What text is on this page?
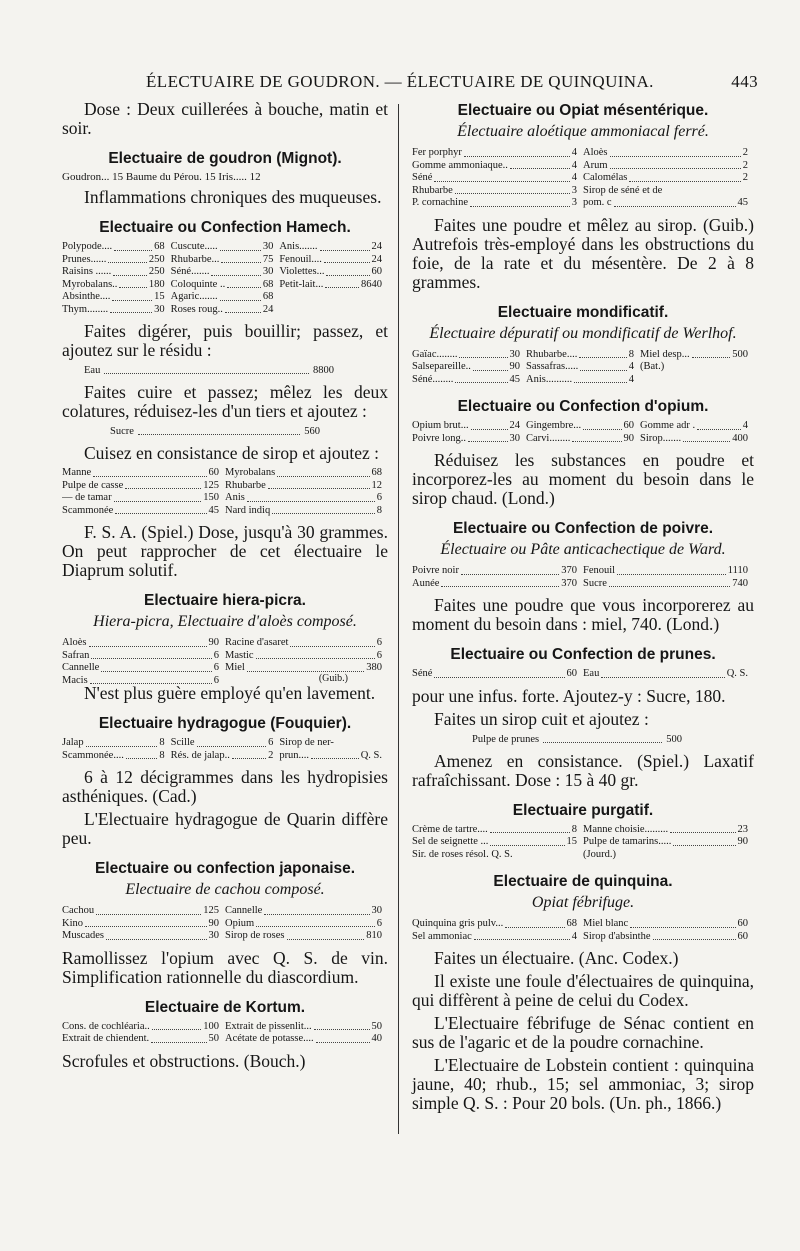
ÉLECTUAIRE DE GOUDRON. — ÉLECTUAIRE DE QUINQUINA.	443

Dose : Deux cuillerées à bouche, matin et soir.

Electuaire de goudron (Mignot).
Goudron... 15 Baume du Pérou. 15 Iris..... 12

Inflammations chroniques des muqueuses.

Electuaire ou Confection Hamech.
Polypode.... 68	Cuscute..... 30	Anis....... 24

Prunes...... 250	Rhubarbe... 75	Fenouil.... 24

Raisins ...... 250	Séné....... 30	Violettes... 60

Myrobalans.. 180	Coloquinte .. 68	Petit-lait... 8640

Absinthe.... 15	Agaric....... 68	

Thym........ 30	Roses roug.. 24	

Faites digérer, puis bouillir; passez, et ajoutez sur le résidu :

Eau	8800

Faites cuire et passez; mêlez les deux colatures, réduisez-les d'un tiers et ajoutez :

Sucre	560

Cuisez en consistance de sirop et ajoutez :

Manne 60	Myrobalans 68

Pulpe de casse 125	Rhubarbe 12

— de tamar 150	Anis 6

Scammonée 45	Nard indiq 8

F. S. A. (Spiel.) Dose, jusqu'à 30 grammes. On peut rapprocher de cet électuaire le Diaprum solutif.

Electuaire hiera-picra.
Hiera-picra, Electuaire d'aloès composé.
Aloès 90	Racine d'asaret 6

Safran 6	Mastic 6

Cannelle 6	Miel 380

Macis 6	
		(Guib.)

N'est plus guère employé qu'en lavement.

Electuaire hydragogue (Fouquier).
Jalap 8	Scille 6	Sirop de ner-

Scammonée.... 8	Rés. de jalap.. 2	prun.... Q. S.

6 à 12 décigrammes dans les hydropisies asthéniques. (Cad.)

L'Electuaire hydragogue de Quarin diffère peu.

Electuaire ou confection japonaise.
Electuaire de cachou composé.
Cachou 125	Cannelle 30

Kino 90	Opium 6

Muscades 30	Sirop de roses 810

Ramollissez l'opium avec Q. S. de vin. Simplification rationnelle du diascordium.

Electuaire de Kortum.
Cons. de cochléaria.. 100	Extrait de pissenlit... 50

Extrait de chiendent. 50	Acétate de potasse.... 40

Scrofules et obstructions. (Bouch.)

Electuaire ou Opiat mésentérique.
Électuaire aloétique ammoniacal ferré.
Fer porphyr 4	Aloès 2

Gomme ammoniaque.. 4	Arum 2

Séné 4	Calomélas 2

Rhubarbe 3	Sirop de séné et de

P. cornachine 3	pom. c 45

Faites une poudre et mêlez au sirop. (Guib.) Autrefois très-employé dans les obstructions du foie, de la rate et du mésentère. De 2 à 8 grammes.

Electuaire mondificatif.
Électuaire dépuratif ou mondificatif de Werlhof.
Gaïac........ 30	Rhubarbe.... 8	Miel desp... 500

Salsepareille.. 90	Sassafras..... 4	(Bat.)

Séné........ 45	Anis.......... 4	

Electuaire ou Confection d'opium.
Opium brut... 24	Gingembre... 60	Gomme adr . 4

Poivre long.. 30	Carvi........ 90	Sirop....... 400

Réduisez les substances en poudre et incorporez-les au moment du besoin dans le sirop chaud. (Lond.)

Electuaire ou Confection de poivre.
Électuaire ou Pâte anticachectique de Ward.
Poivre noir 370	Fenouil 1110

Aunée 370	Sucre 740

Faites une poudre que vous incorporerez au moment du besoin dans : miel, 740. (Lond.)

Electuaire ou Confection de prunes.
Séné	60	Eau	Q. S.

pour une infus. forte. Ajoutez-y : Sucre, 180.

Faites un sirop cuit et ajoutez :

Pulpe de prunes	500

Amenez en consistance. (Spiel.) Laxatif rafraîchissant. Dose : 15 à 40 gr.

Electuaire purgatif.
Crème de tartre.... 8	Manne choisie......... 23

Sel de seignette ... 15	Pulpe de tamarins..... 90

Sir. de roses résol. Q. S.	(Jourd.)
Electuaire de quinquina.
Opiat fébrifuge.
Quinquina gris pulv... 68	Miel blanc 60

Sel ammoniac 4	Sirop d'absinthe 60

Faites un électuaire. (Anc. Codex.)

Il existe une foule d'électuaires de quinquina, qui diffèrent à peine de celui du Codex.

L'Electuaire fébrifuge de Sénac contient en sus de l'agaric et de la poudre cornachine.

L'Electuaire de Lobstein contient : quinquina jaune, 40; rhub., 15; sel ammoniac, 3; sirop simple Q. S. : Pour 20 bols. (Un. ph., 1866.)
